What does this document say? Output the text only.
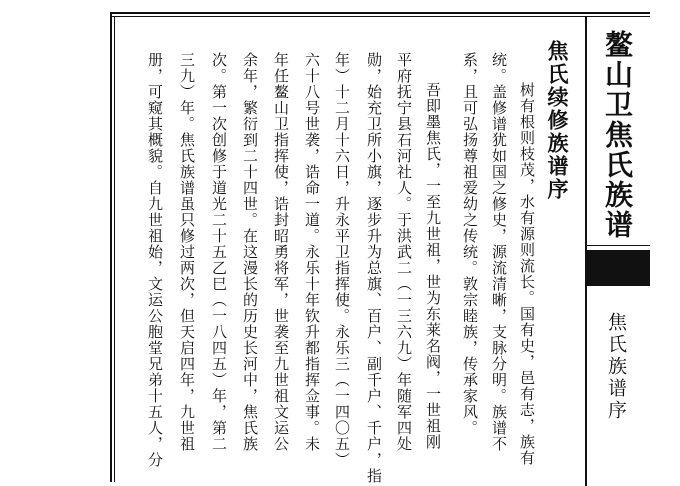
鳌山卫焦氏族谱
焦氏族谱序
焦氏续修族谱序
树有根则枝茂，水有源则流长。国有史，邑有志，族有
统。盖修谱犹如国之修史，源流清晰，支脉分明。族谱不
系，且可弘扬尊祖爱幼之传统。敦宗睦族，传承家风。
吾即墨焦氏，一至九世祖，世为东莱名阀，一世祖刚
平府抚宁县石河社人。于洪武二（一三六九）年随军四处
勋，始充卫所小旗，逐步升为总旗、百户、副千户、千户，指
年）十二月十六日，升永平卫指挥使。永乐三（一四〇五）
六十八号世袭，诰命一道。永乐十年钦升都指挥佥事。未
年任鳌山卫指挥使，诰封昭勇将军，世袭至九世祖文运公
余年，繁衍到二十四世。在这漫长的历史长河中，焦氏族
次。第一次创修于道光二十五乙巳（一八四五）年，第二
三九）年。焦氏族谱虽只修过两次，但天启四年，九世祖
册，可窥其概貌。自九世祖始，文运公胞堂兄弟十五人，分
